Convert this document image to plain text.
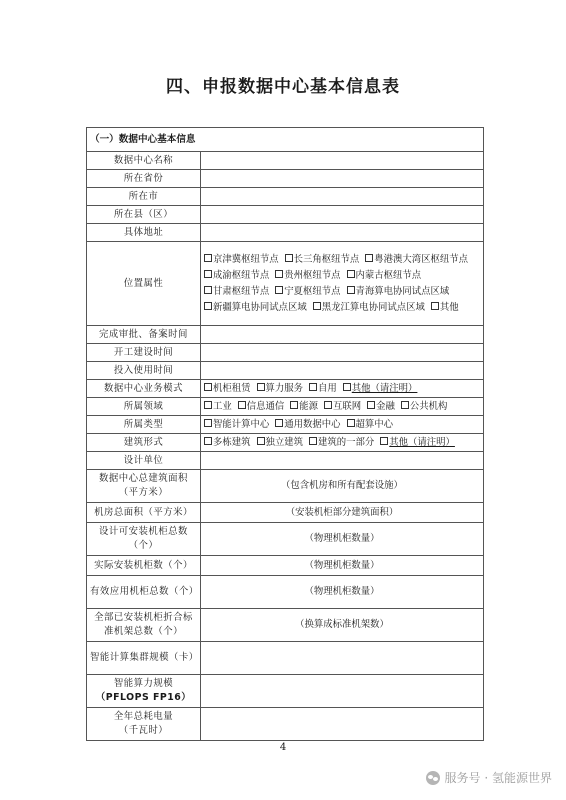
四、申报数据中心基本信息表
（一）数据中心基本信息	
数据中心名称	
所在省份	
所在市	
所在县（区）	
具体地址	
位置属性	京津冀枢纽节点 长三角枢纽节点 粤港澳大湾区枢纽节点 成渝枢纽节点 贵州枢纽节点 内蒙古枢纽节点 甘肃枢纽节点 宁夏枢纽节点 青海算电协同试点区域 新疆算电协同试点区域 黑龙江算电协同试点区域 其他
完成审批、备案时间	
开工建设时间	
投入使用时间	
数据中心业务模式	机柜租赁 算力服务 自用 其他（请注明）
所属领域	工业 信息通信 能源 互联网 金融 公共机构
所属类型	智能计算中心 通用数据中心 超算中心
建筑形式	多栋建筑 独立建筑 建筑的一部分 其他（请注明）
设计单位	
数据中心总建筑面积（平方米）	（包含机房和所有配套设施）
机房总面积（平方米）	（安装机柜部分建筑面积）
设计可安装机柜总数（个）	（物理机柜数量）
实际安装机柜数（个）	（物理机柜数量）
有效应用机柜总数（个）	（物理机柜数量）
全部已安装机柜折合标准机架总数（个）	（换算成标准机架数）
智能计算集群规模（卡）	

智能算力规模
（PFLOPS FP16）	

全年总耗电量
（千瓦时）	

4
服务号 · 氢能源世界
